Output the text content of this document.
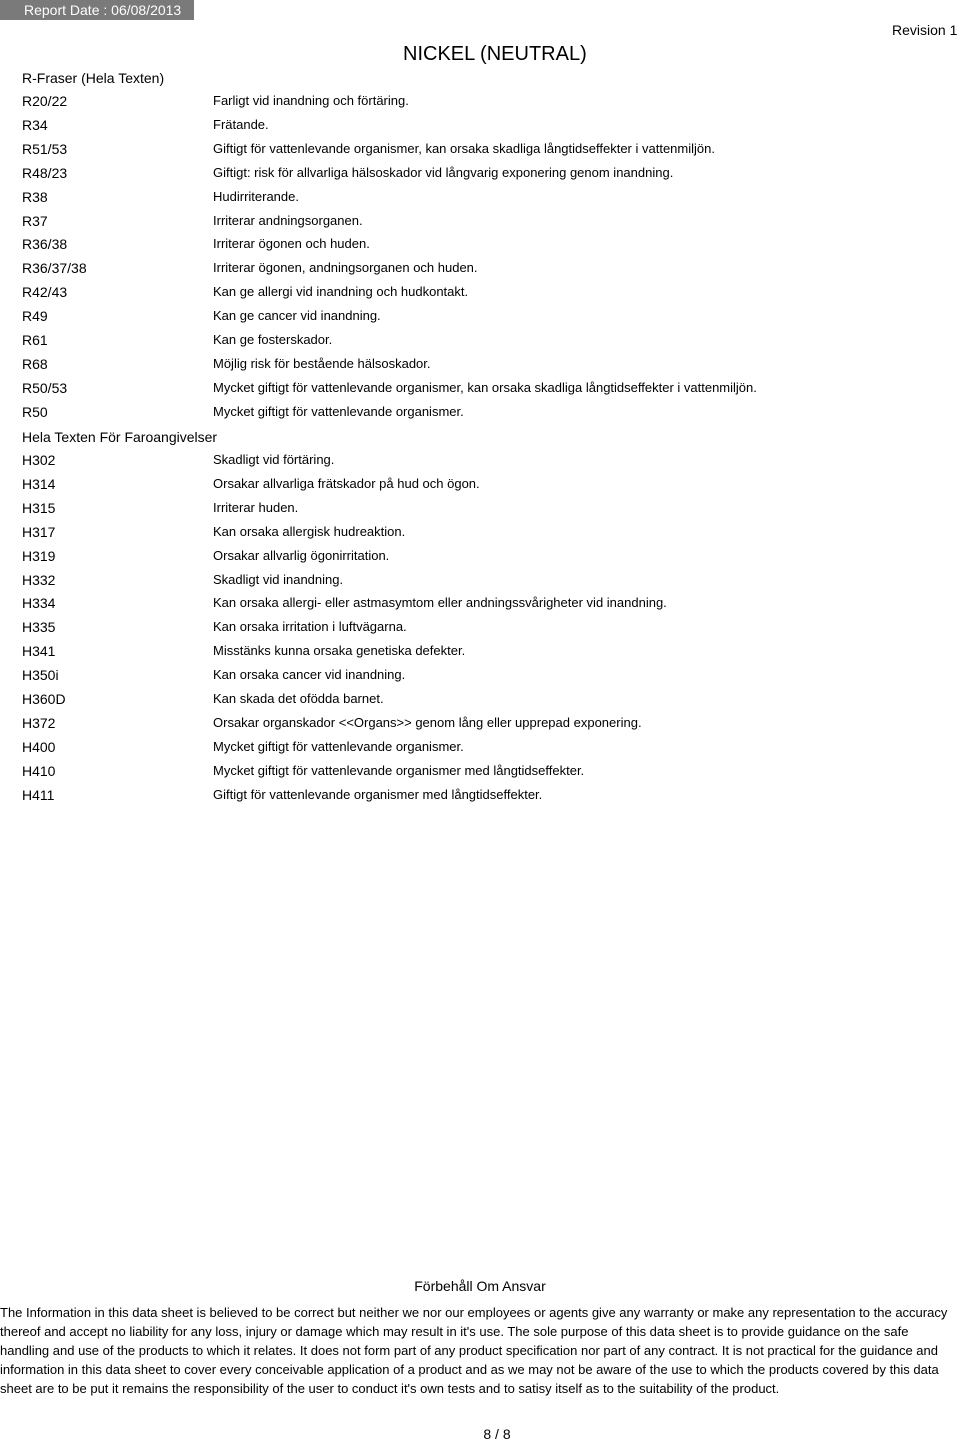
Report Date : 06/08/2013
Revision 1
NICKEL (NEUTRAL)
R-Fraser (Hela Texten)
R20/22	Farligt vid inandning och förtäring.
R34	Frätande.
R51/53	Giftigt för vattenlevande organismer, kan orsaka skadliga långtidseffekter i vattenmiljön.
R48/23	Giftigt: risk för allvarliga hälsoskador vid långvarig exponering genom inandning.
R38	Hudirriterande.
R37	Irriterar andningsorganen.
R36/38	Irriterar ögonen och huden.
R36/37/38	Irriterar ögonen, andningsorganen och huden.
R42/43	Kan ge allergi vid inandning och hudkontakt.
R49	Kan ge cancer vid inandning.
R61	Kan ge fosterskador.
R68	Möjlig risk för bestående hälsoskador.
R50/53	Mycket giftigt för vattenlevande organismer, kan orsaka skadliga långtidseffekter i vattenmiljön.
R50	Mycket giftigt för vattenlevande organismer.
Hela Texten För Faroangivelser
H302	Skadligt vid förtäring.
H314	Orsakar allvarliga frätskador på hud och ögon.
H315	Irriterar huden.
H317	Kan orsaka allergisk hudreaktion.
H319	Orsakar allvarlig ögonirritation.
H332	Skadligt vid inandning.
H334	Kan orsaka allergi- eller astmasymtom eller andningssvårigheter vid inandning.
H335	Kan orsaka irritation i luftvägarna.
H341	Misstänks kunna orsaka genetiska defekter.
H350i	Kan orsaka cancer vid inandning.
H360D	Kan skada det ofödda barnet.
H372	Orsakar organskador <<Organs>> genom lång eller upprepad exponering.
H400	Mycket giftigt för vattenlevande organismer.
H410	Mycket giftigt för vattenlevande organismer med långtidseffekter.
H411	Giftigt för vattenlevande organismer med långtidseffekter.
Förbehåll Om Ansvar
The Information in this data sheet is believed to be correct but neither we nor our employees or agents give any warranty or make any representation to the accuracy thereof and accept no liability for any loss, injury or damage which may result in it's use. The sole purpose of this data sheet is to provide guidance on the safe handling and use of the products to which it relates. It does not form part of any product specification nor part of any contract. It is not practical for the guidance and information in this data sheet to cover every conceivable application of a product and as we may not be aware of the use to which the products covered by this data sheet are to be put it remains the responsibility of the user to conduct it's own tests and to satisy itself as to the suitability of the product.
8 / 8
